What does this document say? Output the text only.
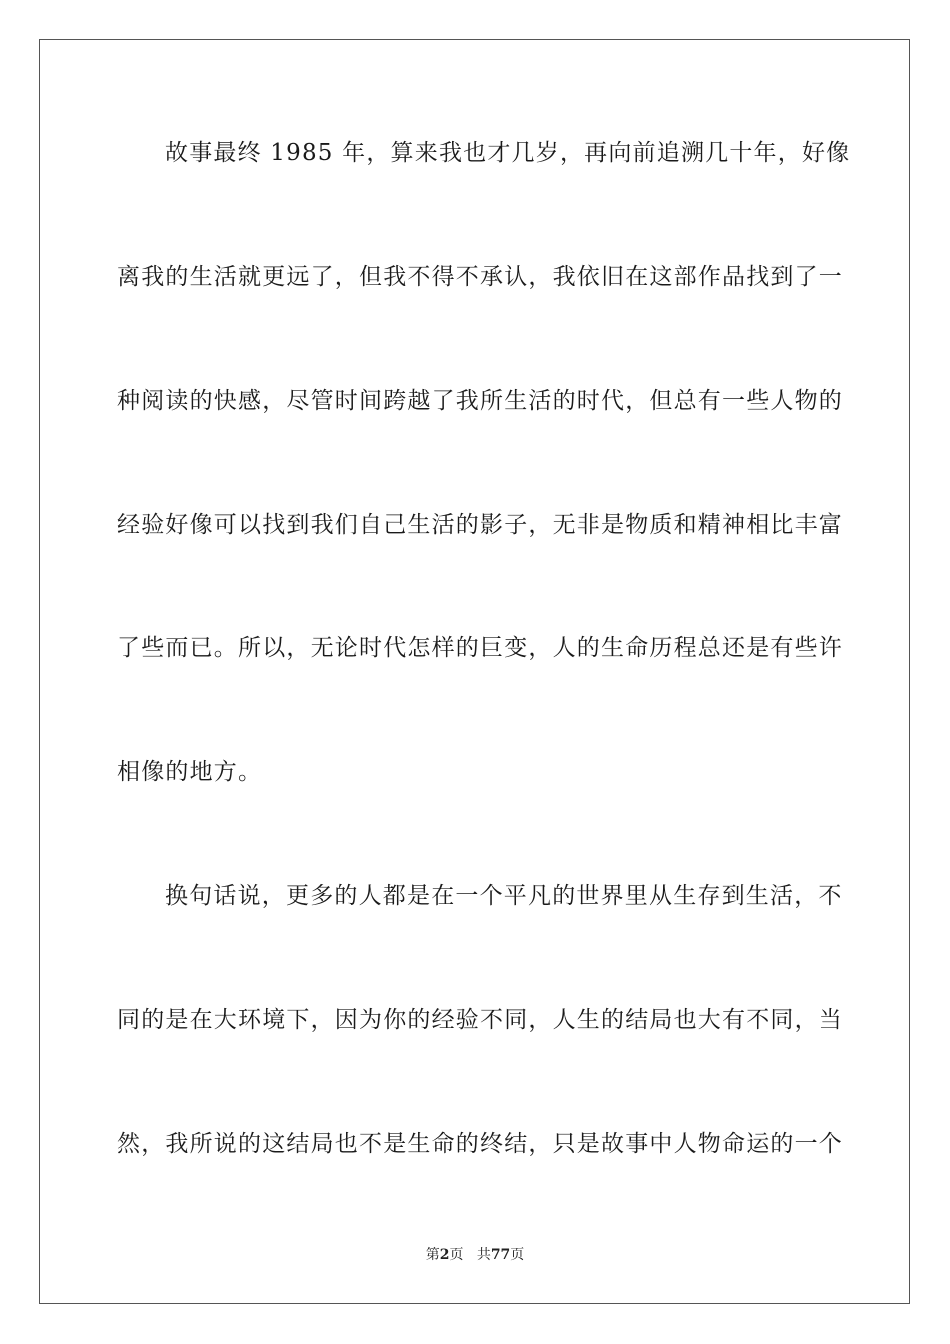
故事最终 1985 年，算来我也才几岁，再向前追溯几十年，好像
离我的生活就更远了，但我不得不承认，我依旧在这部作品找到了一
种阅读的快感，尽管时间跨越了我所生活的时代，但总有一些人物的
经验好像可以找到我们自己生活的影子，无非是物质和精神相比丰富
了些而已。所以，无论时代怎样的巨变，人的生命历程总还是有些许
相像的地方。
换句话说，更多的人都是在一个平凡的世界里从生存到生活，不
同的是在大环境下，因为你的经验不同，人生的结局也大有不同，当
然，我所说的这结局也不是生命的终结，只是故事中人物命运的一个
第2页 共77页
